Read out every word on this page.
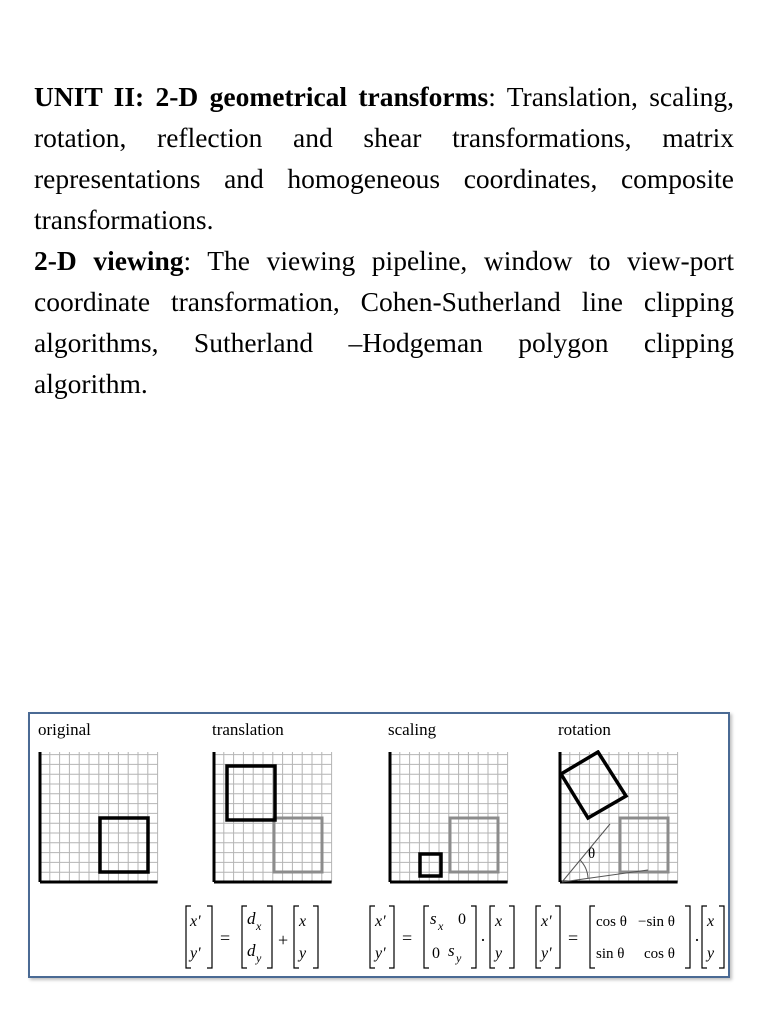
UNIT II: 2-D geometrical transforms: Translation, scaling, rotation, reflection and shear transformations, matrix representations and homogeneous coordinates, composite transformations.

2-D viewing: The viewing pipeline, window to view-port coordinate transformation, Cohen-Sutherland line clipping algorithms, Sutherland –Hodgeman polygon clipping algorithm.

original	translation	scaling	rotation
θ
x'
y'
=
d x
d y
+
x
y
x'
y'
=
s x 0
0 s y
·
x
y
x'
y'
=
cos θ −sin θ
sin θ cos θ
·
x
y
